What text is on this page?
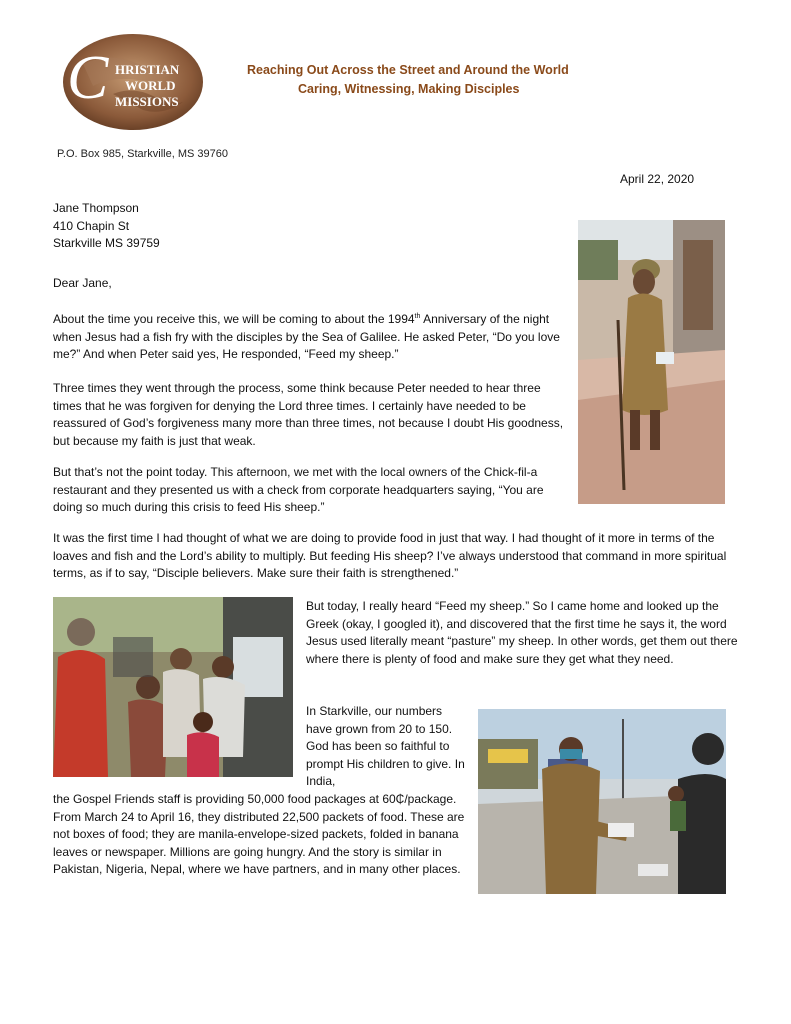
C HRISTIAN
WORLD
MISSIONS
Reaching Out Across the Street and Around the World
Caring, Witnessing, Making Disciples
P.O. Box 985, Starkville, MS 39760
April 22, 2020
Jane Thompson
410 Chapin St
Starkville MS 39759
Dear Jane,

About the time you receive this, we will be coming to about the 1994th Anniversary of the night when Jesus had a fish fry with the disciples by the Sea of Galilee. He asked Peter, “Do you love me?” And when Peter said yes, He responded, “Feed my sheep.”

Three times they went through the process, some think because Peter needed to hear three times that he was forgiven for denying the Lord three times. I certainly have needed to be reassured of God’s forgiveness many more than three times, not because I doubt His goodness, but because my faith is just that weak.

But that’s not the point today. This afternoon, we met with the local owners of the Chick-fil-a restaurant and they presented us with a check from corporate headquarters saying, “You are doing so much during this crisis to feed His sheep.”

It was the first time I had thought of what we are doing to provide food in just that way. I had thought of it more in terms of the loaves and fish and the Lord’s ability to multiply. But feeding His sheep? I’ve always understood that command in more spiritual terms, as if to say, “Disciple believers. Make sure their faith is strengthened.”

But today, I really heard “Feed my sheep.” So I came home and looked up the Greek (okay, I googled it), and discovered that the first time he says it, the word Jesus used literally meant “pasture” my sheep. In other words, get them out there where there is plenty of food and make sure they get what they need.

In Starkville, our numbers have grown from 20 to 150. God has been so faithful to prompt His children to give. In India,

the Gospel Friends staff is providing 50,000 food packages at 60₵/package. From March 24 to April 16, they distributed 22,500 packets of food. These are not boxes of food; they are manila-envelope-sized packets, folded in banana leaves or newspaper. Millions are going hungry. And the story is similar in Pakistan, Nigeria, Nepal, where we have partners, and in many other places.
